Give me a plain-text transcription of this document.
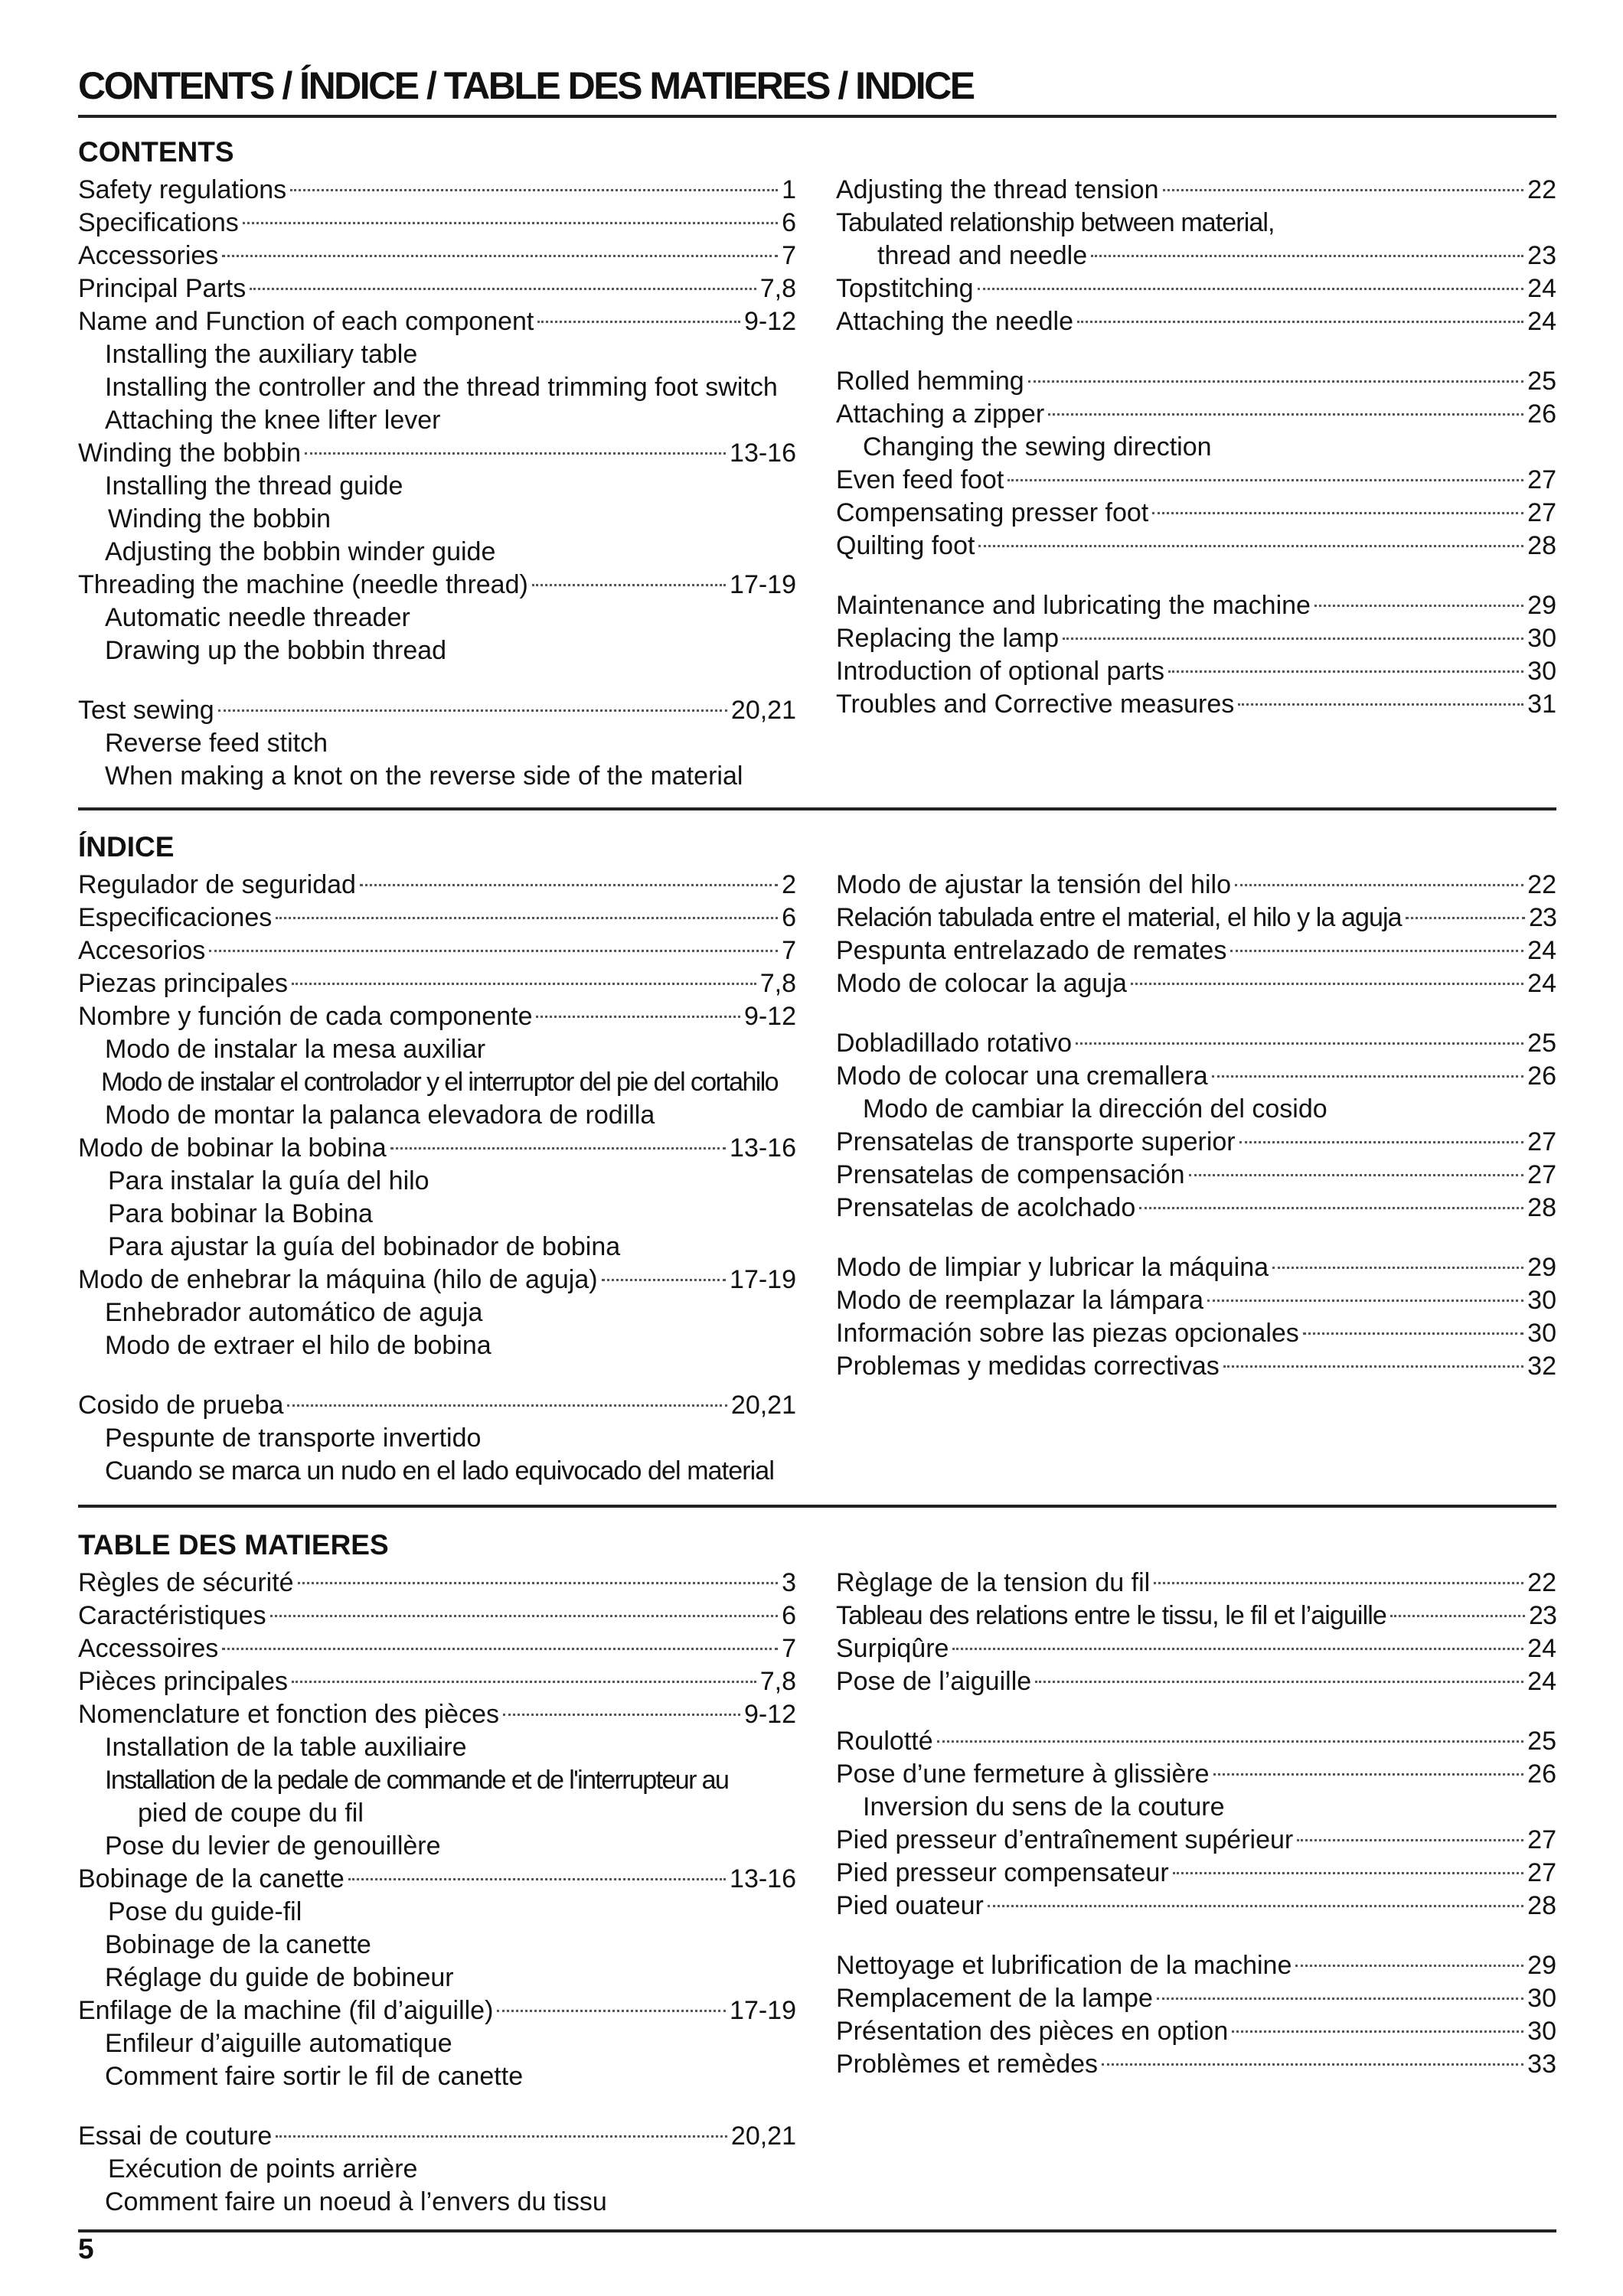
CONTENTS / ÍNDICE / TABLE DES MATIERES / INDICE
CONTENTS
Safety regulations	1
Specifications	6
Accessories	7
Principal Parts	7,8
Name and Function of each component	9-12
Installing the auxiliary table
Installing the controller and the thread trimming foot switch
Attaching the knee lifter lever
Winding the bobbin	13-16
Installing the thread guide
Winding the bobbin
Adjusting the bobbin winder guide
Threading the machine (needle thread)	17-19
Automatic needle threader
Drawing up the bobbin thread
Test sewing	20,21
Reverse feed stitch
When making a knot on the reverse side of the material
Adjusting the thread tension	22
Tabulated relationship between material,
thread and needle	23
Topstitching	24
Attaching the needle	24
Rolled hemming	25
Attaching a zipper	26
Changing the sewing direction
Even feed foot	27
Compensating presser foot	27
Quilting foot	28
Maintenance and lubricating the machine	29
Replacing the lamp	30
Introduction of optional parts	30
Troubles and Corrective measures	31
ÍNDICE
Regulador de seguridad	2
Especificaciones	6
Accesorios	7
Piezas principales	7,8
Nombre y función de cada componente	9-12
Modo de instalar la mesa auxiliar
Modo de instalar el controlador y el interruptor del pie del cortahilo
Modo de montar la palanca elevadora de rodilla
Modo de bobinar la bobina	13-16
Para instalar la guía del hilo
Para bobinar la Bobina
Para ajustar la guía del bobinador de bobina
Modo de enhebrar la máquina (hilo de aguja)	17-19
Enhebrador automático de aguja
Modo de extraer el hilo de bobina
Cosido de prueba	20,21
Pespunte de transporte invertido
Cuando se marca un nudo en el lado equivocado del material
Modo de ajustar la tensión del hilo	22
Relación tabulada entre el material, el hilo y la aguja	23
Pespunta entrelazado de remates	24
Modo de colocar la aguja	24
Dobladillado rotativo	25
Modo de colocar una cremallera	26
Modo de cambiar la dirección del cosido
Prensatelas de transporte superior	27
Prensatelas de compensación	27
Prensatelas de acolchado	28
Modo de limpiar y lubricar la máquina	29
Modo de reemplazar la lámpara	30
Información sobre las piezas opcionales	30
Problemas y medidas correctivas	32
TABLE DES MATIERES
Règles de sécurité	3
Caractéristiques	6
Accessoires	7
Pièces principales	7,8
Nomenclature et fonction des pièces	9-12
Installation de la table auxiliaire
Installation de la pedale de commande et de l'interrupteur au
pied de coupe du fil
Pose du levier de genouillère
Bobinage de la canette	13-16
Pose du guide-fil
Bobinage de la canette
Réglage du guide de bobineur
Enfilage de la machine (fil d’aiguille)	17-19
Enfileur d’aiguille automatique
Comment faire sortir le fil de canette
Essai de couture	20,21
Exécution de points arrière
Comment faire un noeud à l’envers du tissu
Règlage de la tension du fil	22
Tableau des relations entre le tissu, le fil et l’aiguille	23
Surpiqûre	24
Pose de l’aiguille	24
Roulotté	25
Pose d’une fermeture à glissière	26
Inversion du sens de la couture
Pied presseur d’entraînement supérieur	27
Pied presseur compensateur	27
Pied ouateur	28
Nettoyage et lubrification de la machine	29
Remplacement de la lampe	30
Présentation des pièces en option	30
Problèmes et remèdes	33
5
